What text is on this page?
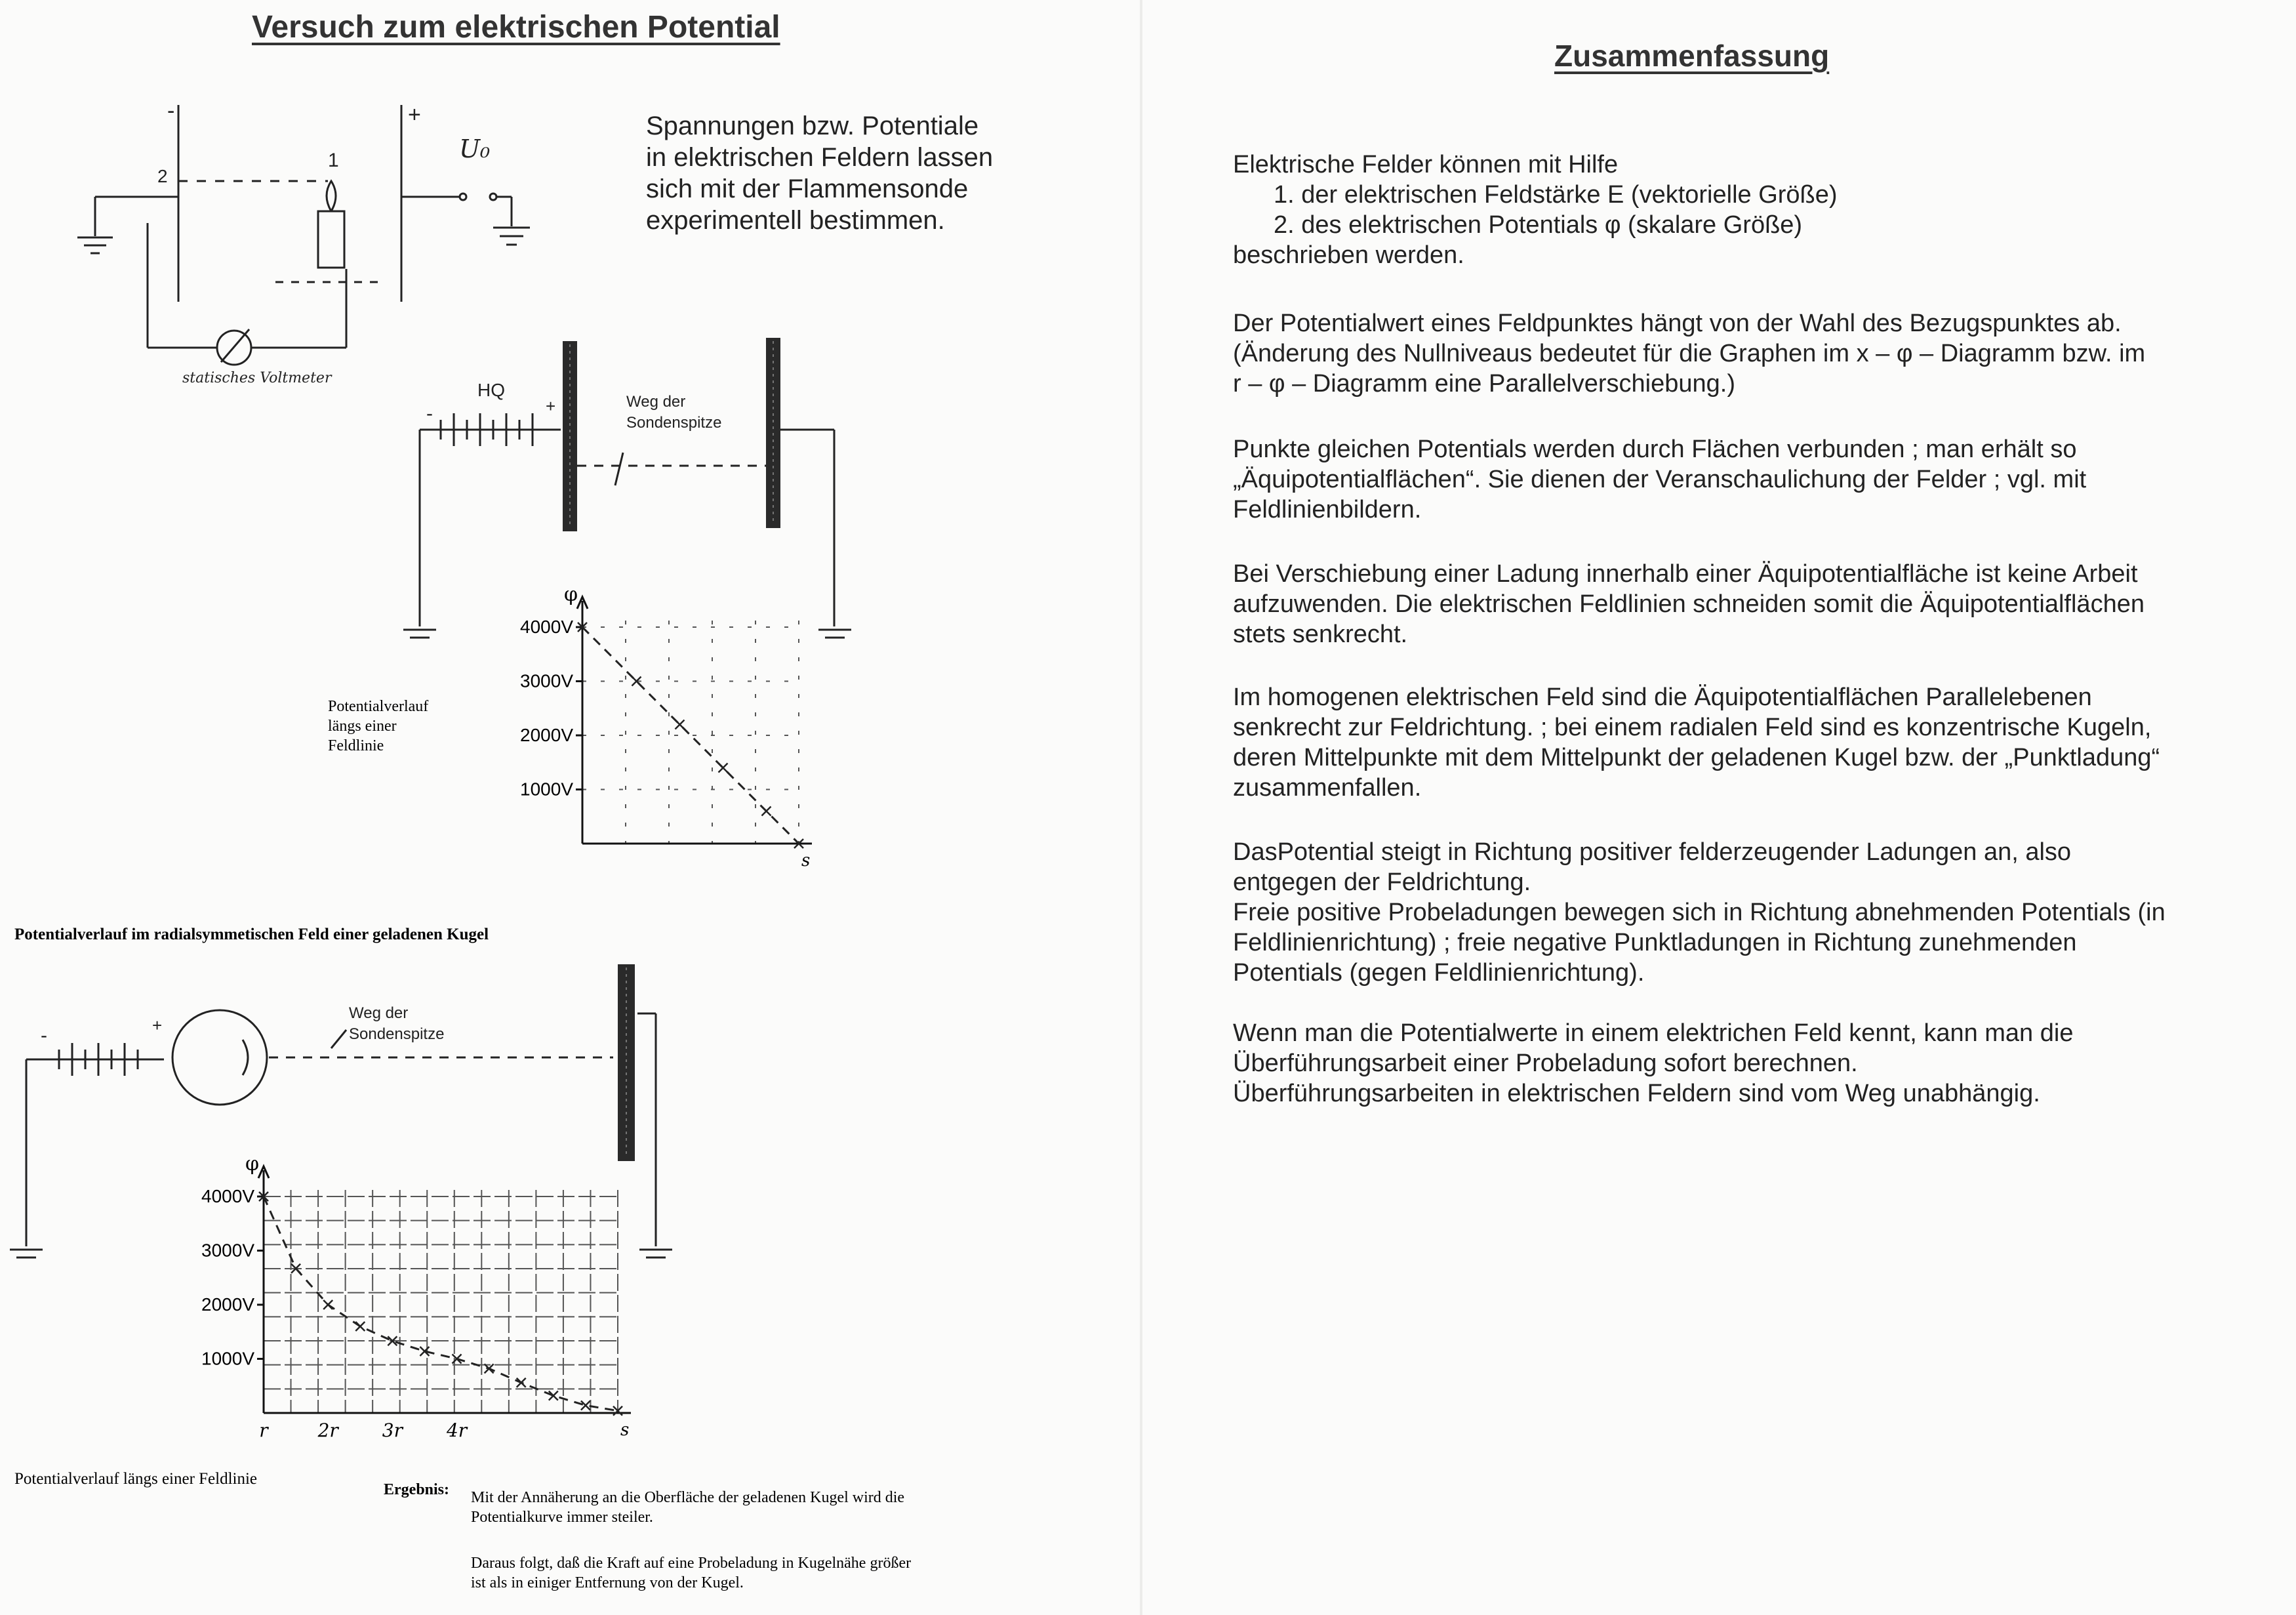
Versuch zum elektrischen Potential
Spannungen bzw. Potentiale
in elektrischen Feldern lassen
sich mit der Flammensonde
experimentell bestimmen.
-	+
2
1	U₀
statisches Voltmeter
HQ
-	+	Weg der
Sondenspitze
-	+
Weg der
Sondenspitze
Potentialverlauf
längs einer
Feldlinie
Potentialverlauf im radialsymmetischen Feld einer geladenen Kugel
Potentialverlauf längs einer Feldlinie
Ergebnis: Mit der Annäherung an die Oberfläche der geladenen Kugel wird die
Potentialkurve immer steiler.
Daraus folgt, daß die Kraft auf eine Probeladung in Kugelnähe größer
ist als in einiger Entfernung von der Kugel.
φ
s
1000V
2000V
3000V
4000V
φ
s
1000V
2000V
3000V
4000V
r	2r 3r 4r
Zusammenfassung

Elektrische Felder können mit Hilfe

1. der elektrischen Feldstärke E (vektorielle Größe)

2. des elektrischen Potentials φ (skalare Größe)

beschrieben werden.

Der Potentialwert eines Feldpunktes hängt von der Wahl des Bezugspunktes ab.

(Änderung des Nullniveaus bedeutet für die Graphen im x – φ – Diagramm bzw. im

r – φ – Diagramm eine Parallelverschiebung.)

Punkte gleichen Potentials werden durch Flächen verbunden ; man erhält so

„Äquipotentialflächen“. Sie dienen der Veranschaulichung der Felder ; vgl. mit

Feldlinienbildern.

Bei Verschiebung einer Ladung innerhalb einer Äquipotentialfläche ist keine Arbeit

aufzuwenden. Die elektrischen Feldlinien schneiden somit die Äquipotentialflächen

stets senkrecht.

Im homogenen elektrischen Feld sind die Äquipotentialflächen Parallelebenen

senkrecht zur Feldrichtung. ; bei einem radialen Feld sind es konzentrische Kugeln,

deren Mittelpunkte mit dem Mittelpunkt der geladenen Kugel bzw. der „Punktladung“

zusammenfallen.

DasPotential steigt in Richtung positiver felderzeugender Ladungen an, also

entgegen der Feldrichtung.

Freie positive Probeladungen bewegen sich in Richtung abnehmenden Potentials (in

Feldlinienrichtung) ; freie negative Punktladungen in Richtung zunehmenden

Potentials (gegen Feldlinienrichtung).

Wenn man die Potentialwerte in einem elektrichen Feld kennt, kann man die

Überführungsarbeit einer Probeladung sofort berechnen.

Überführungsarbeiten in elektrischen Feldern sind vom Weg unabhängig.
